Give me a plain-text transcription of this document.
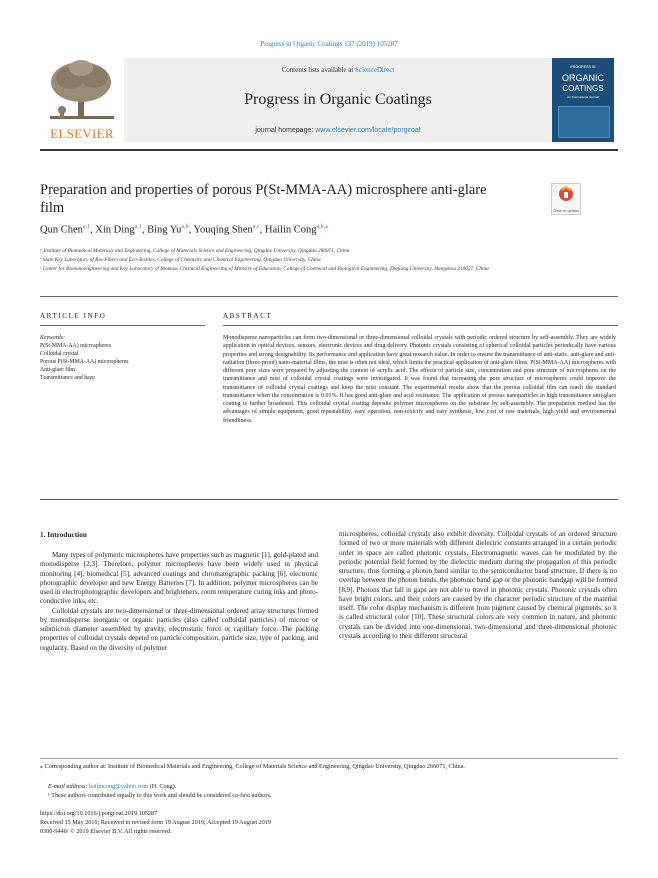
Progress in Organic Coatings 137 (2019) 105287
ELSEVIER
Contents lists available at ScienceDirect
Progress in Organic Coatings
journal homepage: www.elsevier.com/locate/porgcoat
PROGRESS IN
ORGANIC
COATINGS
An International Journal
Preparation and properties of porous P(St-MMA-AA) microsphere anti-glare film	Check for updates
Qun Chen$^{a,1}$, Xin Ding$^{a,1}$, Bing Yu$^{a,b}$, Youqing Shen$^{a,c}$, Hailin Cong$^{a,b,⁎}$
ᵃ Institute of Biomedical Materials and Engineering, College of Materials Science and Engineering, Qingdao University, Qingdao 266071, China
ᵇ State Key Laboratory of Bio-Fibers and Eco-Textiles, College of Chemistry and Chemical Engineering, Qingdao University, China
ᶜ Center for Bionanoengineering and Key Laboratory of Biomass Chemical Engineering of Ministry of Education, College of Chemical and Biological Engineering, Zhejiang University, Hangzhou 310027, China
ARTICLE INFO
Keywords:
P(St-MMA-AA) microspheres
Colloidal crystal
Porous P(St-MMA-AA) microspheres
Anti-glare film
Transmittance and haze
ABSTRACT
Monodisperse nanoparticles can form two-dimensional or three-dimensional colloidal crystals with periodic ordered structure by self-assembly. They are widely application in optical devices, sensors, electronic devices and drug delivery. Photonic crystals consisting of spherical colloidal particles periodically have various properties and strong designability. Its performance and application have great research value. In order to ensure the transmittance of anti-static, anti-glare and anti-radiation (three-proof) nano-material films, the mist is often not ideal, which limits the practical application of anti-glare films. P(St-MMA-AA) microspheres with different pore sizes were prepared by adjusting the content of acrylic acid. The effects of particle size, concentration and pore structure of microspheres on the transmittance and mist of colloidal crystal coatings were investigated. It was found that increasing the pore structure of microspheres could improve the transmittance of colloidal crystal coatings and keep the mist constant. The experimental results show that the porous colloidal film can reach the standard transmittance when the concentration is 0.01%. It has good anti-glare and acid resistance. The application of porous nanoparticles in high transmittance anti-glare coating is further broadened. This colloidal crystal coating deposits polymer microspheres on the substrate by self-assembly. The preparation method has the advantages of simple equipment, good repeatability, easy operation, non-toxicity and easy synthesis, low cost of raw materials, high yield and environmental friendliness.
1. Introduction

Many types of polymeric microspheres have properties such as magnetic [1], gold-plated and monodisperse [2,3]. Therefore, polymer microspheres have been widely used in physical monitoring [4], biomedical [5], advanced coatings and chromatographic packing [6], electronic photographic developer and new Energy Batteries [7]. In addition, polymer microspheres can be used in electrophotographic developers and brighteners, room temperature curing inks and photo-conductive inks, etc.

Colloidal crystals are two-dimensional or three-dimensional ordered array structures formed by monodisperse inorganic or organic particles (also called colloidal particles) of micron or submicron diameter assembled by gravity, electrostatic force or capillary force. The packing properties of colloidal crystals depend on particle composition, particle size, type of packing, and regularity. Based on the diversity of polymer

microspheres, colloidal crystals also exhibit diversity. Colloidal crystals of an ordered structure formed of two or more materials with different dielectric constants arranged in a certain periodic order in space are called photonic crystals. Electromagnetic waves can be modulated by the periodic potential field formed by the dielectric medium during the propagation of this periodic structure, thus forming a photon band similar to the semiconductor band structure. If there is no overlap between the photon bands, the photonic band gap or the photonic bandgap will be formed [8,9]. Photons that fall in gaps are not able to travel in photonic crystals. Photonic crystals often have bright colors, and their colors are caused by the character periodic structure of the material itself. The color display mechanism is different from pigment caused by chemical pigments, so it is called structural color [10]. These structural colors are very common in nature, and photonic crystals can be divided into one-dimensional, two-dimensional and three-dimensional photonic crystals according to their different structural

⁎ Corresponding author at: Institute of Biomedical Materials and Engineering, College of Materials Science and Engineering, Qingdao University, Qingdao 266071, China.
E-mail address: hailincong@yahoo.com (H. Cong).
¹ These authors contributed equally to this work and should be considered co-first authors.
https://doi.org/10.1016/j.porgcoat.2019.105287
Received 15 May 2019; Received in revised form 19 August 2019; Accepted 19 August 2019
0300-9440/ © 2019 Elsevier B.V. All rights reserved.
